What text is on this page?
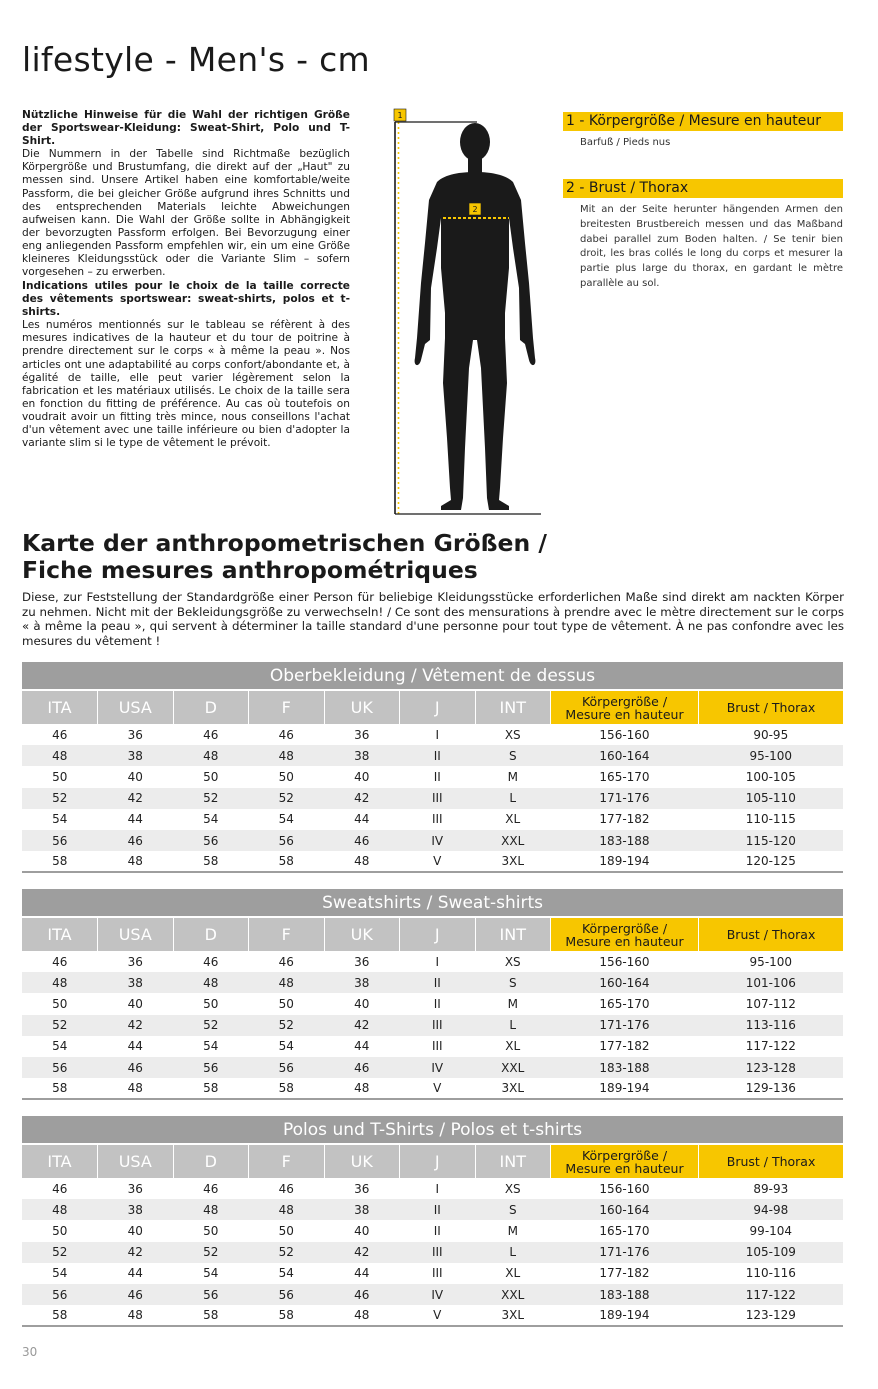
lifestyle - Men's - cm
Nützliche Hinweise für die Wahl der richtigen Größe der Sportswear-Kleidung: Sweat-Shirt, Polo und T-Shirt.
Die Nummern in der Tabelle sind Richtmaße bezüglich Körpergröße und Brustumfang, die direkt auf der „Haut" zu messen sind. Unsere Artikel haben eine komfortable/weite Passform, die bei gleicher Größe aufgrund ihres Schnitts und des entsprechenden Materials leichte Abweichungen aufweisen kann. Die Wahl der Größe sollte in Abhängigkeit der bevorzugten Passform erfolgen. Bei Bevorzugung einer eng anliegenden Passform empfehlen wir, ein um eine Größe kleineres Kleidungsstück oder die Variante Slim – sofern vorgesehen – zu erwerben.
Indications utiles pour le choix de la taille correcte des vêtements sportswear: sweat-shirts, polos et t-shirts.
Les numéros mentionnés sur le tableau se réfèrent à des mesures indicatives de la hauteur et du tour de poitrine à prendre directement sur le corps « à même la peau ». Nos articles ont une adaptabilité au corps confort/abondante et, à égalité de taille, elle peut varier légèrement selon la fabrication et les matériaux utilisés. Le choix de la taille sera en fonction du fitting de préférence. Au cas où toutefois on voudrait avoir un fitting très mince, nous conseillons l'achat d'un vêtement avec une taille inférieure ou bien d'adopter la variante slim si le type de vêtement le prévoit.
1
2
1 - Körpergröße / Mesure en hauteur
Barfuß / Pieds nus
2 - Brust / Thorax
Mit an der Seite herunter hängenden Armen den breitesten Brustbereich messen und das Maßband dabei parallel zum Boden halten. / Se tenir bien droit, les bras collés le long du corps et mesurer la partie plus large du thorax, en gardant le mètre parallèle au sol.
Karte der anthropometrischen Größen /
Fiche mesures anthropométriques

Diese, zur Feststellung der Standardgröße einer Person für beliebige Kleidungsstücke erforderlichen Maße sind direkt am nackten Körper zu nehmen. Nicht mit der Bekleidungsgröße zu verwechseln! / Ce sont des mensurations à prendre avec le mètre directement sur le corps « à même la peau », qui servent à déterminer la taille standard d'une personne pour tout type de vêtement. À ne pas confondre avec les mesures du vêtement !

Oberbekleidung / Vêtement de dessus								
ITA	USA	D	F	UK	J	INT	Körpergröße /
Mesure en hauteur	Brust / Thorax
46	36	46	46	36	I	XS	156-160	90-95
48	38	48	48	38	II	S	160-164	95-100
50	40	50	50	40	II	M	165-170	100-105
52	42	52	52	42	III	L	171-176	105-110
54	44	54	54	44	III	XL	177-182	110-115
56	46	56	56	46	IV	XXL	183-188	115-120
58	48	58	58	48	V	3XL	189-194	120-125
Sweatshirts / Sweat-shirts								
ITA	USA	D	F	UK	J	INT	Körpergröße /
Mesure en hauteur	Brust / Thorax
46	36	46	46	36	I	XS	156-160	95-100
48	38	48	48	38	II	S	160-164	101-106
50	40	50	50	40	II	M	165-170	107-112
52	42	52	52	42	III	L	171-176	113-116
54	44	54	54	44	III	XL	177-182	117-122
56	46	56	56	46	IV	XXL	183-188	123-128
58	48	58	58	48	V	3XL	189-194	129-136
Polos und T-Shirts / Polos et t-shirts								
ITA	USA	D	F	UK	J	INT	Körpergröße /
Mesure en hauteur	Brust / Thorax
46	36	46	46	36	I	XS	156-160	89-93
48	38	48	48	38	II	S	160-164	94-98
50	40	50	50	40	II	M	165-170	99-104
52	42	52	52	42	III	L	171-176	105-109
54	44	54	54	44	III	XL	177-182	110-116
56	46	56	56	46	IV	XXL	183-188	117-122
58	48	58	58	48	V	3XL	189-194	123-129
30
